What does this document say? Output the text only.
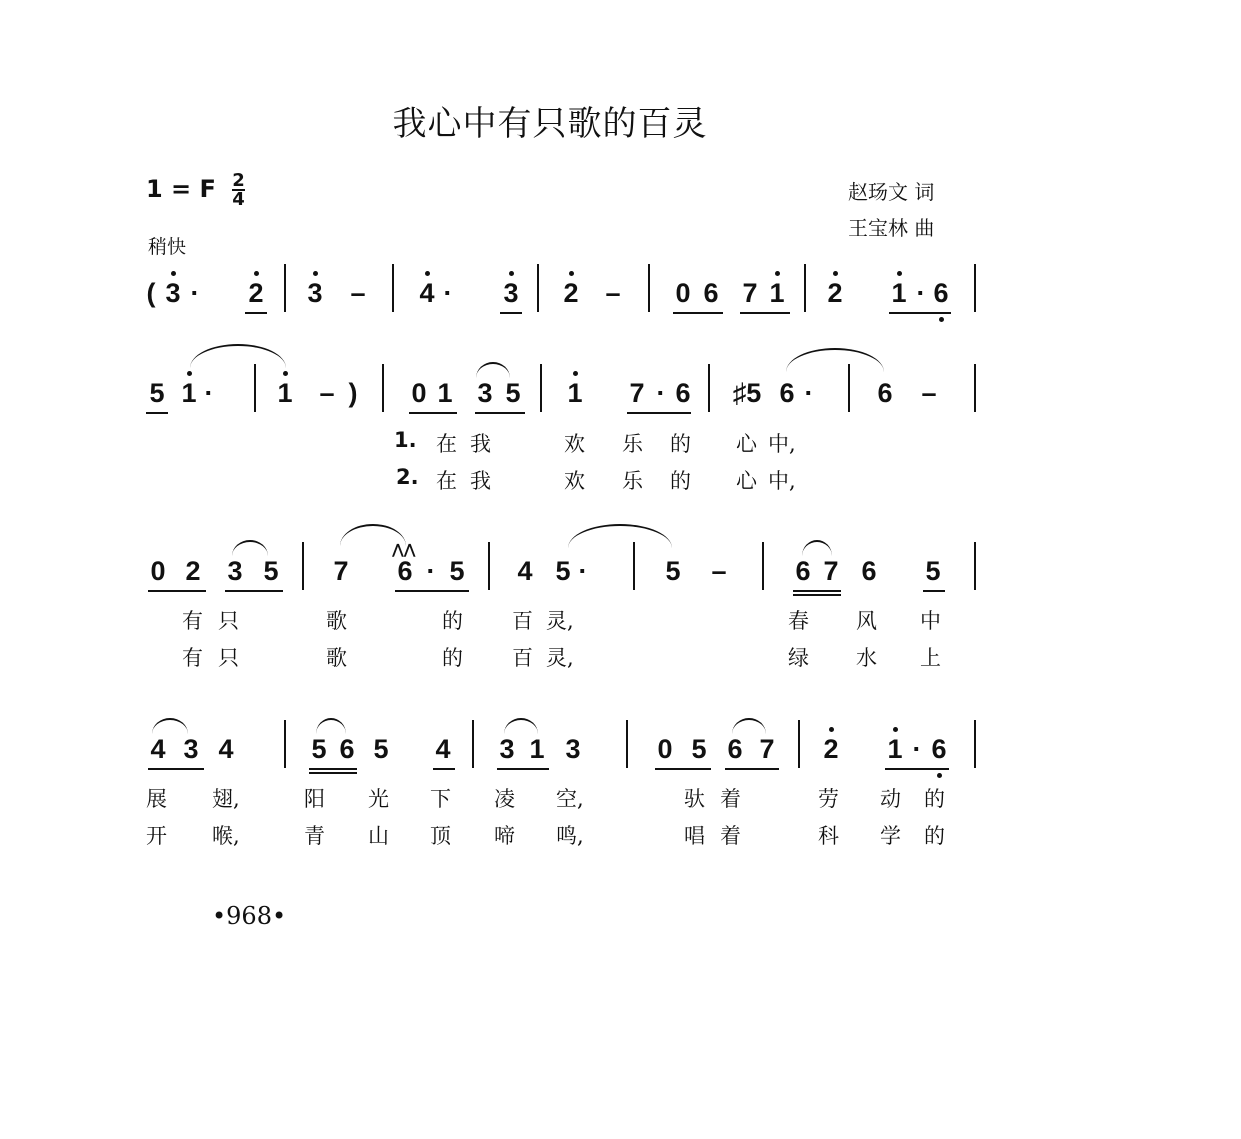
我心中有只歌的百灵
1 = F $\frac{2}{4}$
稍快
赵玚文 词
王宝林 曲
( 3 ·	2 3 – 4 ·	3 2 – 0 6 7 1 2 1 · 6
5 1 ·	1 – )	0 1 3 5 1 7 · 6 ♯5 6 ·	6 –
1. 在 我	欢 乐 的 心 中,
2. 在 我	欢 乐 的 心 中,
0 2 3 5 7 6
⋀⋀
· 5 4 5 ·	5 –	6 7 6 5
有 只	歌	的 百 灵,	春 风 中
有 只	歌	的 百 灵,	绿 水 上
4 3 4	5 6 5 4 3 1 3	0 5 6 7 2 1 · 6
展 翅,	阳 光 下 凌 空,	驮 着	劳 动 的
开 喉,	青 山 顶 啼 鸣,	唱 着	科 学 的
•968•
